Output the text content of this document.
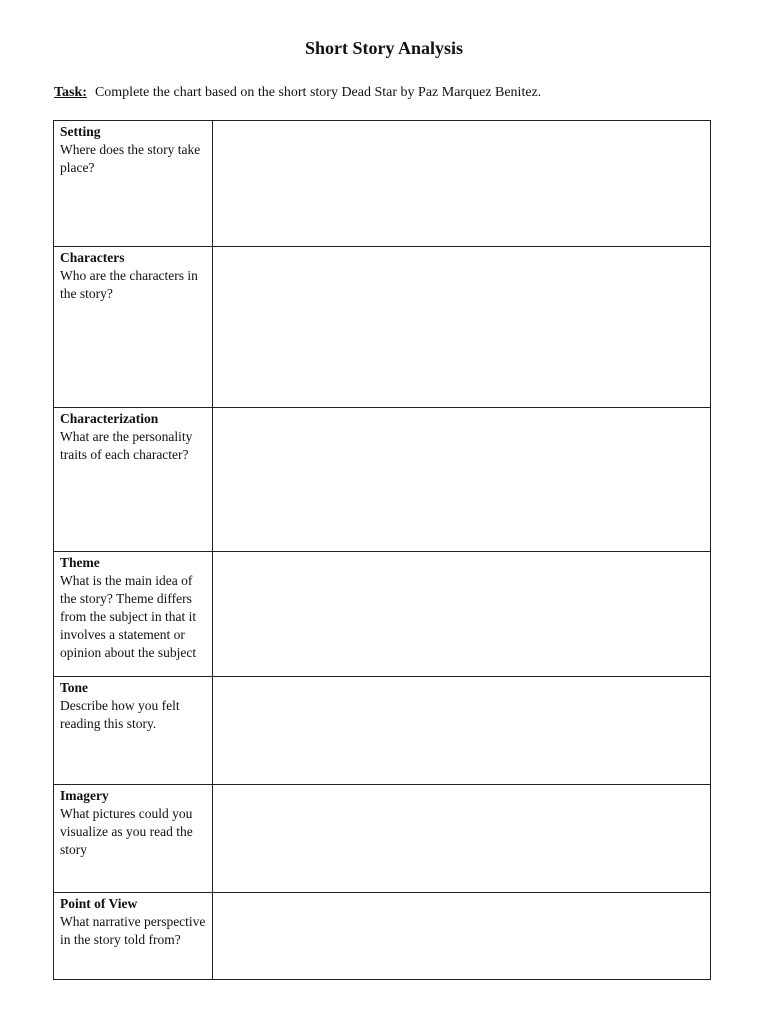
Short Story Analysis
Task: Complete the chart based on the short story Dead Star by Paz Marquez Benitez.
Setting
Where does the story take place?
Characters
Who are the characters in the story?
Characterization
What are the personality traits of each character?
Theme
What is the main idea of the story? Theme differs from the subject in that it involves a statement or opinion about the subject
Tone
Describe how you felt reading this story.
Imagery
What pictures could you visualize as you read the story
Point of View
What narrative perspective in the story told from?
